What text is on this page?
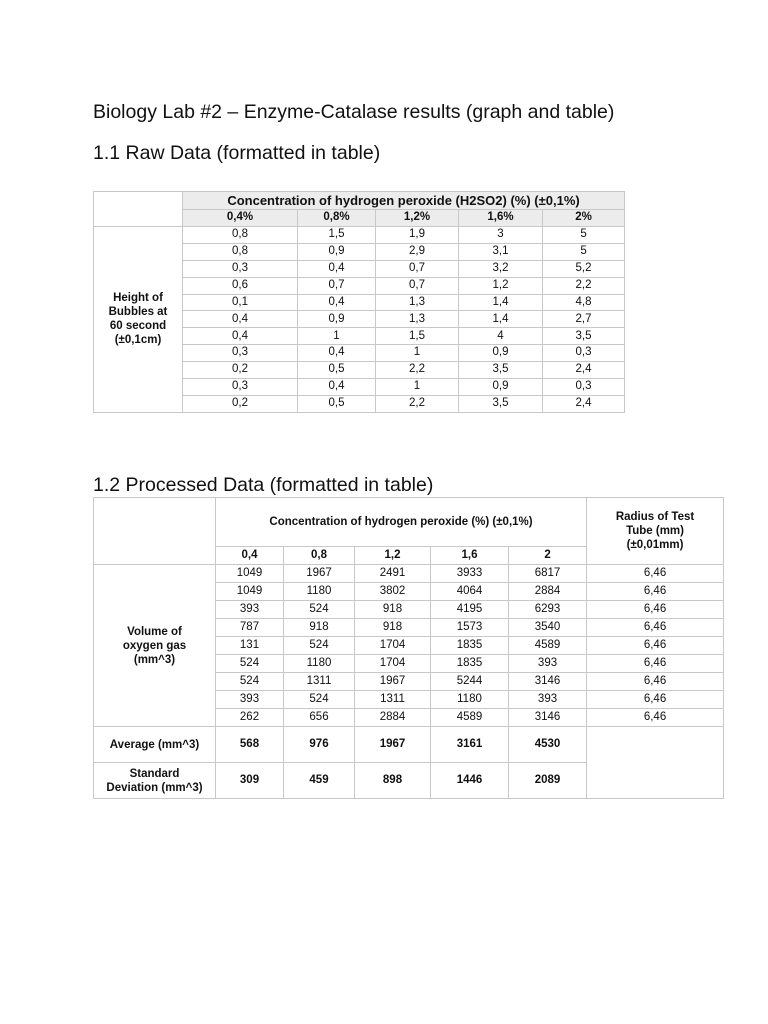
Biology Lab #2 – Enzyme-Catalase results (graph and table)
1.1 Raw Data (formatted in table)
	Concentration of hydrogen peroxide (H2SO2) (%) (±0,1%)				
	0,4%	0,8%	1,2%	1,6%	2%

Height of
Bubbles at
60 second
(±0,1cm)	0,8	1,5	1,9	3	5
	0,8	0,9	2,9	3,1	5
	0,3	0,4	0,7	3,2	5,2
	0,6	0,7	0,7	1,2	2,2
	0,1	0,4	1,3	1,4	4,8
	0,4	0,9	1,3	1,4	2,7
	0,4	1	1,5	4	3,5
	0,3	0,4	1	0,9	0,3
	0,2	0,5	2,2	3,5	2,4
	0,3	0,4	1	0,9	0,3
	0,2	0,5	2,2	3,5	2,4
1.2 Processed Data (formatted in table)
	Concentration of hydrogen peroxide (%) (±0,1%)					Radius of Test
Tube (mm)
(±0,01mm)

	0,4	0,8	1,2	1,6	2	

Volume of
oxygen gas
(mm^3)	1049	1967	2491	3933	6817	6,46
	1049	1180	3802	4064	2884	6,46
	393	524	918	4195	6293	6,46
	787	918	918	1573	3540	6,46
	131	524	1704	1835	4589	6,46
	524	1180	1704	1835	393	6,46
	524	1311	1967	5244	3146	6,46
	393	524	1311	1180	393	6,46
	262	656	2884	4589	3146	6,46
Average (mm^3)	568	976	1967	3161	4530	

Standard
Deviation (mm^3)	309	459	898	1446	2089	
